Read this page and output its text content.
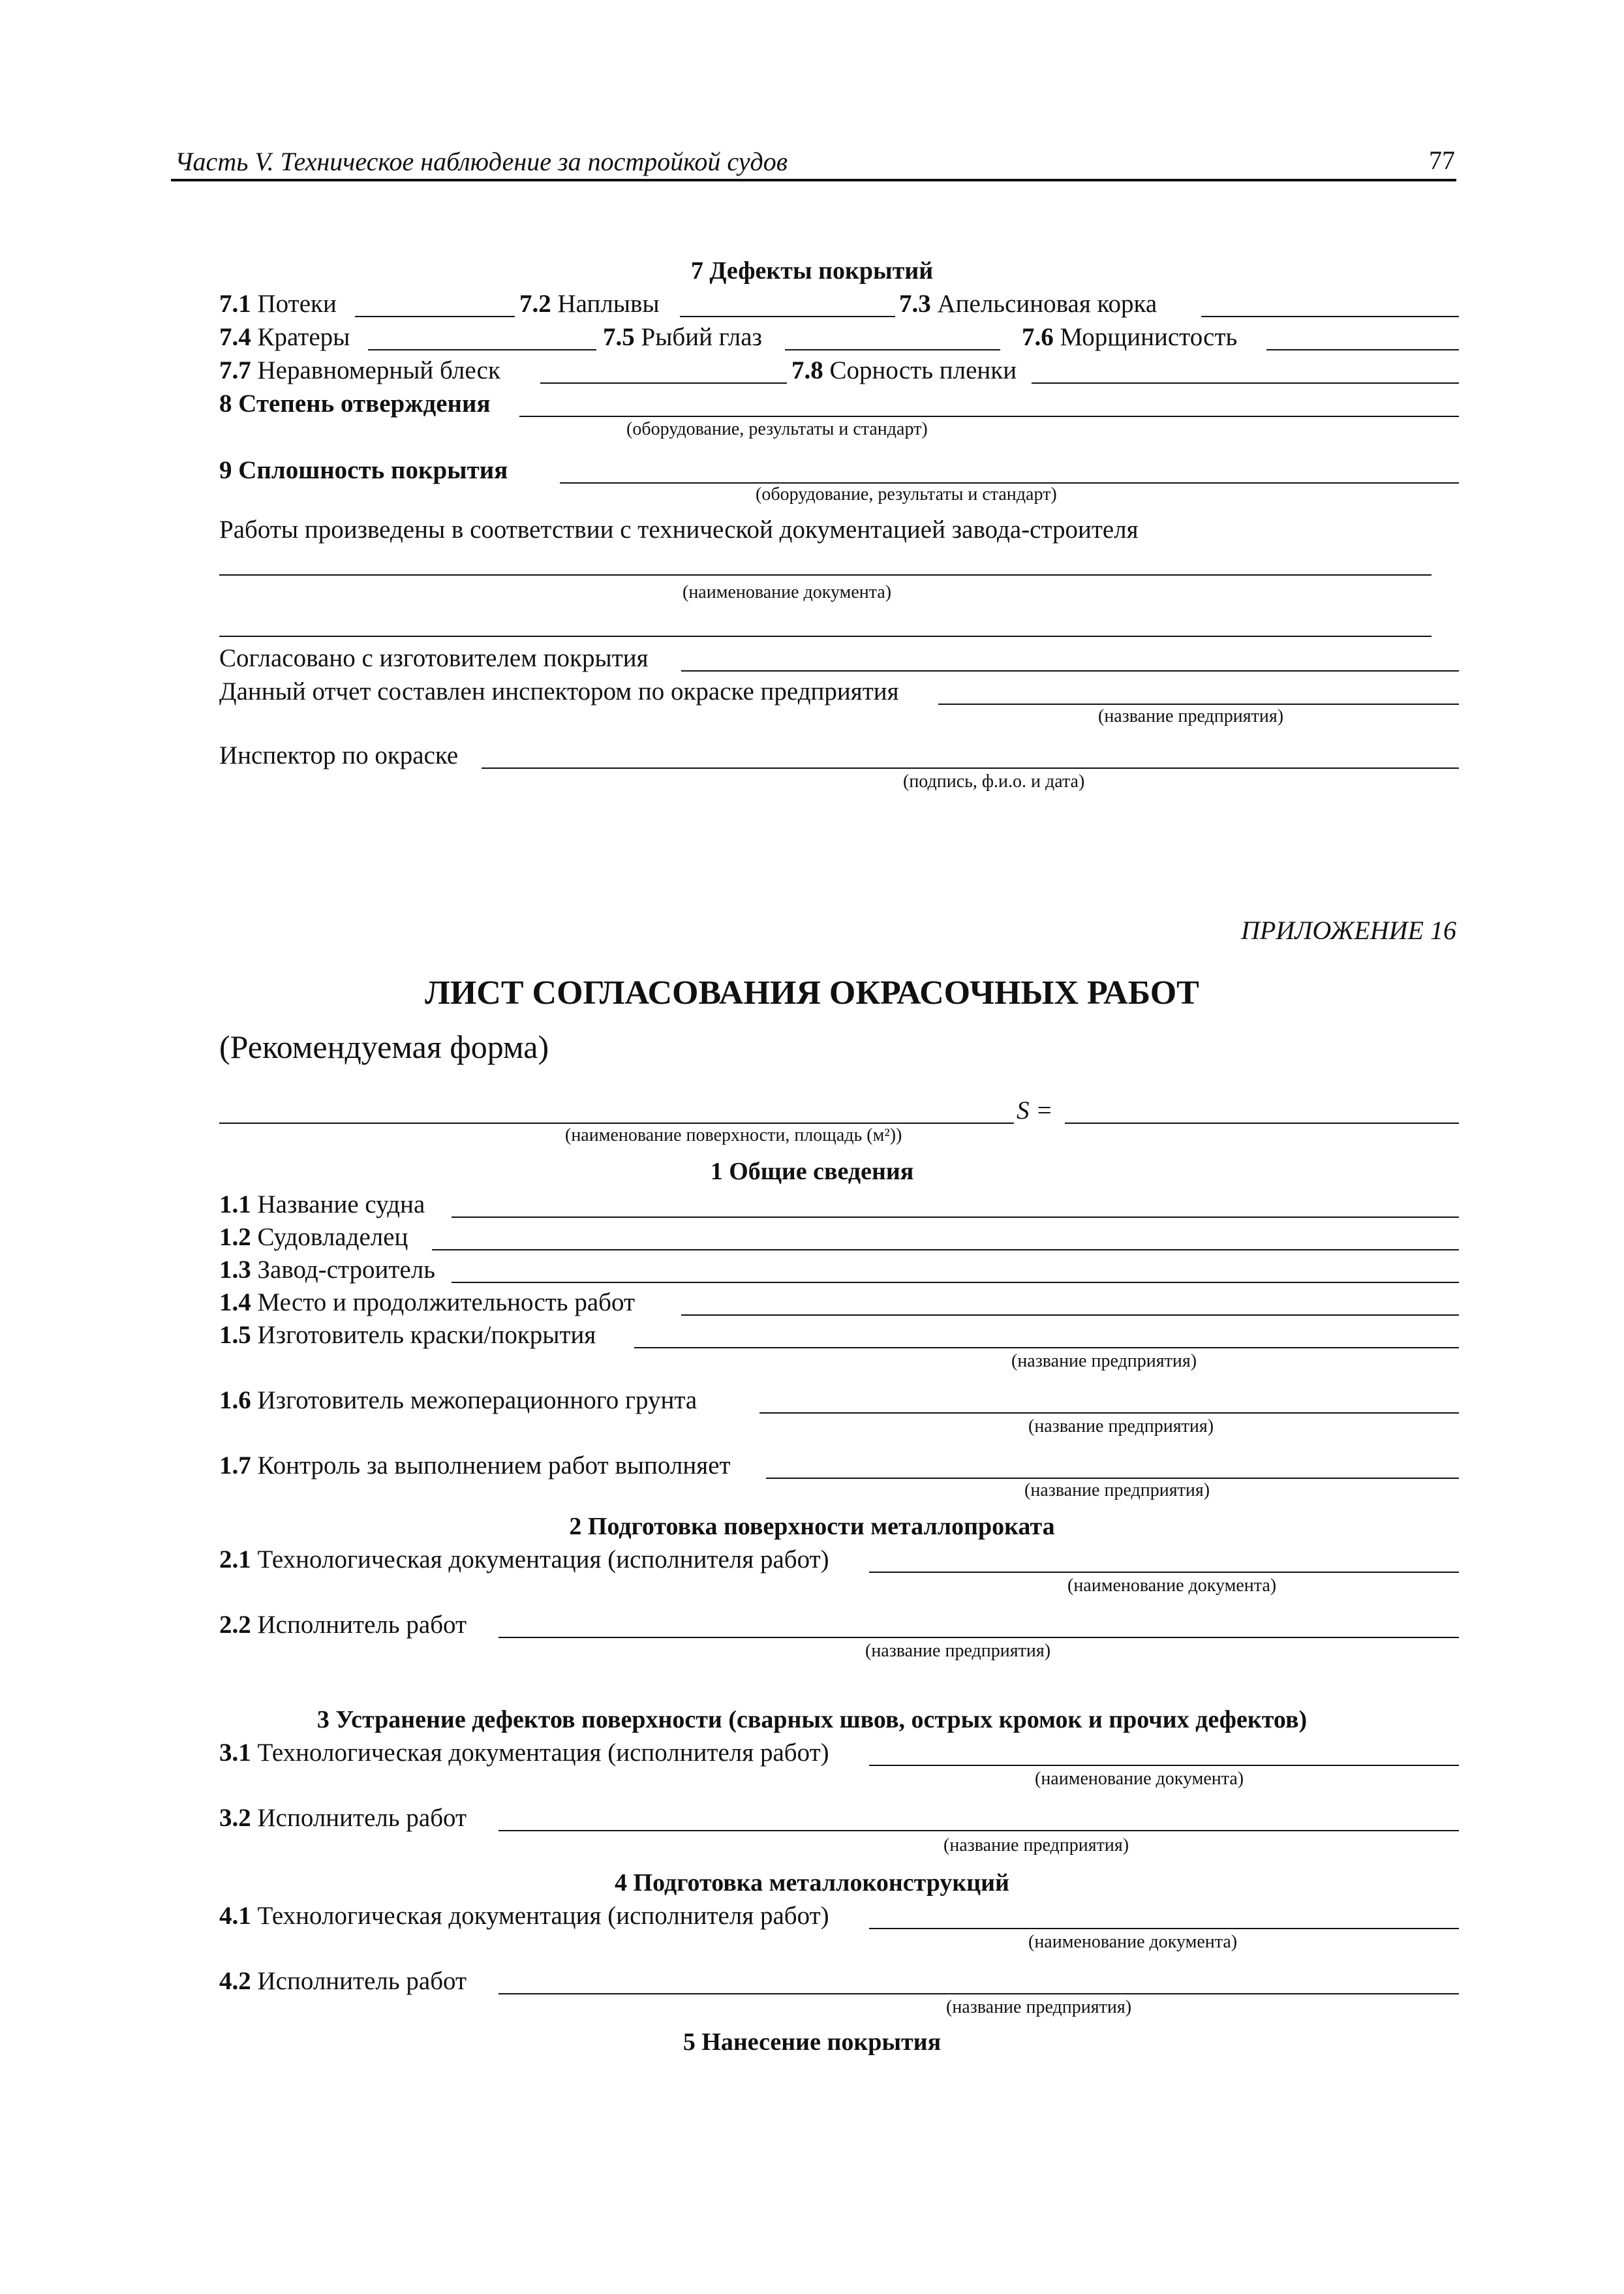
Часть V. Техническое наблюдение за постройкой судов	77
7 Дефекты покрытий
7.1 Потеки	7.2 Наплывы	7.3 Апельсиновая корка
7.4 Кратеры	7.5 Рыбий глаз	7.6 Морщинистость
7.7 Неравномерный блеск	7.8 Сорность пленки
8 Степень отверждения
(оборудование, результаты и стандарт)
9 Сплошность покрытия
(оборудование, результаты и стандарт)
Работы произведены в соответствии с технической документацией завода-строителя
(наименование документа)
Согласовано с изготовителем покрытия
Данный отчет составлен инспектором по окраске предприятия
(название предприятия)
Инспектор по окраске
(подпись, ф.и.о. и дата)
ПРИЛОЖЕНИЕ 16
ЛИСТ СОГЛАСОВАНИЯ ОКРАСОЧНЫХ РАБОТ
(Рекомендуемая форма)
S =
(наименование поверхности, площадь (м²))
1 Общие сведения
1.1 Название судна
1.2 Судовладелец
1.3 Завод-строитель
1.4 Место и продолжительность работ
1.5 Изготовитель краски/покрытия
(название предприятия)
1.6 Изготовитель межоперационного грунта
(название предприятия)
1.7 Контроль за выполнением работ выполняет
(название предприятия)
2 Подготовка поверхности металлопроката
2.1 Технологическая документация (исполнителя работ)
(наименование документа)
2.2 Исполнитель работ
(название предприятия)
3 Устранение дефектов поверхности (сварных швов, острых кромок и прочих дефектов)
3.1 Технологическая документация (исполнителя работ)
(наименование документа)
3.2 Исполнитель работ
(название предприятия)
4 Подготовка металлоконструкций
4.1 Технологическая документация (исполнителя работ)
(наименование документа)
4.2 Исполнитель работ
(название предприятия)
5 Нанесение покрытия
